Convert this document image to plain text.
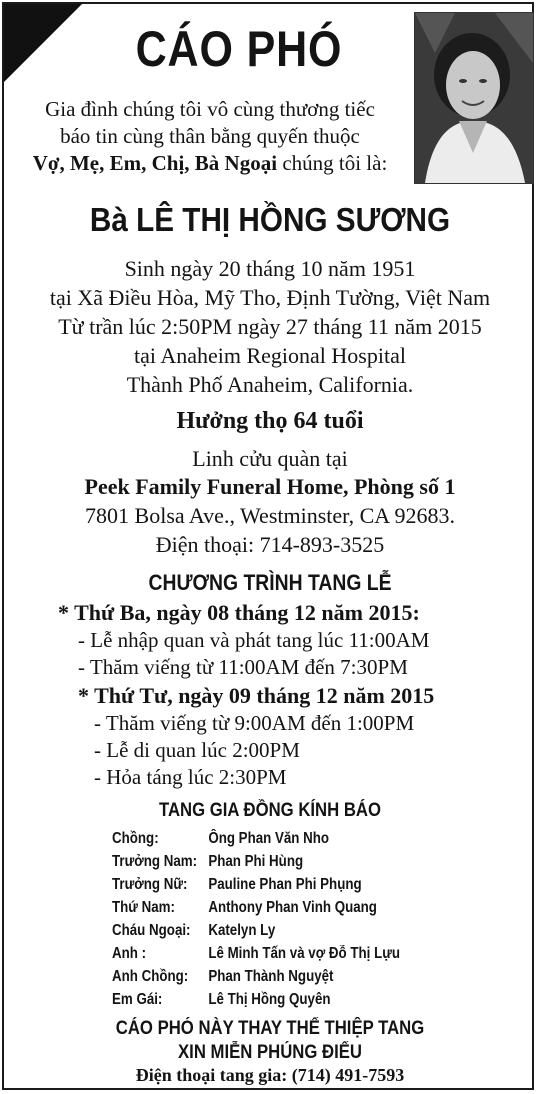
CÁO PHÓ
Gia đình chúng tôi vô cùng thương tiếc
báo tin cùng thân bằng quyến thuộc
Vợ, Mẹ, Em, Chị, Bà Ngoại chúng tôi là:
Bà LÊ THỊ HỒNG SƯƠNG
Sinh ngày 20 tháng 10 năm 1951
tại Xã Điều Hòa, Mỹ Tho, Định Tường, Việt Nam
Từ trần lúc 2:50PM ngày 27 tháng 11 năm 2015
tại Anaheim Regional Hospital
Thành Phố Anaheim, California.
Hưởng thọ 64 tuổi
Linh cửu quàn tại
Peek Family Funeral Home, Phòng số 1
7801 Bolsa Ave., Westminster, CA 92683.
Điện thoại: 714-893-3525
CHƯƠNG TRÌNH TANG LỄ
* Thứ Ba, ngày 08 tháng 12 năm 2015:
- Lễ nhập quan và phát tang lúc 11:00AM
- Thăm viếng từ 11:00AM đến 7:30PM
* Thứ Tư, ngày 09 tháng 12 năm 2015
- Thăm viếng từ 9:00AM đến 1:00PM
- Lễ di quan lúc 2:00PM
- Hỏa táng lúc 2:30PM
TANG GIA ĐỒNG KÍNH BÁO
Chồng:	Ông Phan Văn Nho
Trưởng Nam: Phan Phi Hùng
Trưởng Nữ: Pauline Phan Phi Phụng
Thứ Nam: Anthony Phan Vinh Quang
Cháu Ngoại: Katelyn Ly
Anh :	Lê Minh Tấn và vợ Đỗ Thị Lựu
Anh Chồng: Phan Thành Nguyệt
Em Gái:	Lê Thị Hồng Quyên
CÁO PHÓ NÀY THAY THẾ THIỆP TANG
XIN MIỄN PHÚNG ĐIẾU
Điện thoại tang gia: (714) 491-7593
